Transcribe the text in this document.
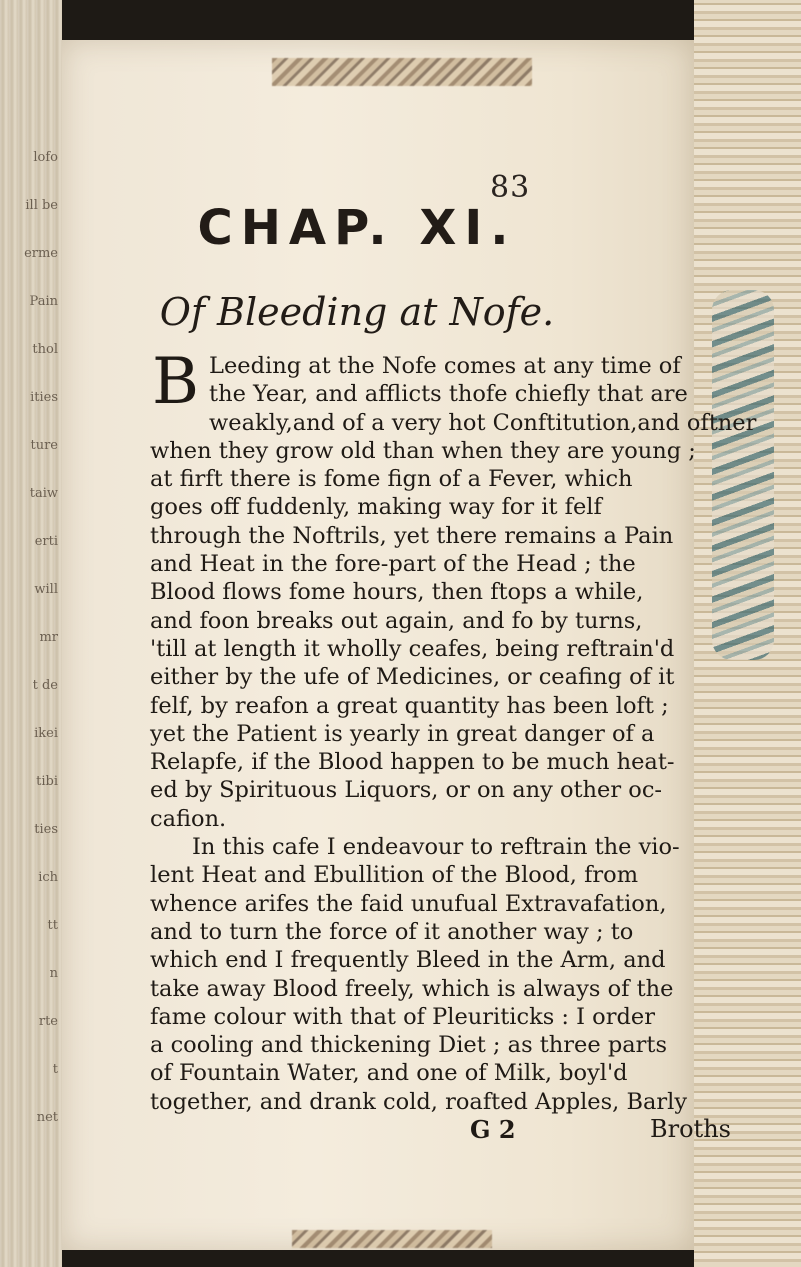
lofo
ill be
erme
Pain
thol
ities
ture
taiw
erti
will
mr
t de
ikei
tibi
ties
ich
tt
n
rte
t
net
83
CHAP. XI.
Of Bleeding at Nofe.
B Leeding at the Nofe comes at any time of
the Year, and afflicts thofe chiefly that are
weakly,and of a very hot Conftitution,and oftner
when they grow old than when they are young ;
at firft there is fome fign of a Fever, which
goes off fuddenly, making way for it felf
through the Noftrils, yet there remains a Pain
and Heat in the fore-part of the Head ; the
Blood flows fome hours, then ftops a while,
and foon breaks out again, and fo by turns,
'till at length it wholly ceafes, being reftrain'd
either by the ufe of Medicines, or ceafing of it
felf, by reafon a great quantity has been loft ;
yet the Patient is yearly in great danger of a
Relapfe, if the Blood happen to be much heat-
ed by Spirituous Liquors, or on any other oc-
cafion.
In this cafe I endeavour to reftrain the vio-
lent Heat and Ebullition of the Blood, from
whence arifes the faid unufual Extravafation,
and to turn the force of it another way ; to
which end I frequently Bleed in the Arm, and
take away Blood freely, which is always of the
fame colour with that of Pleuriticks : I order
a cooling and thickening Diet ; as three parts
of Fountain Water, and one of Milk, boyl'd
together, and drank cold, roafted Apples, Barly
G 2	Broths
